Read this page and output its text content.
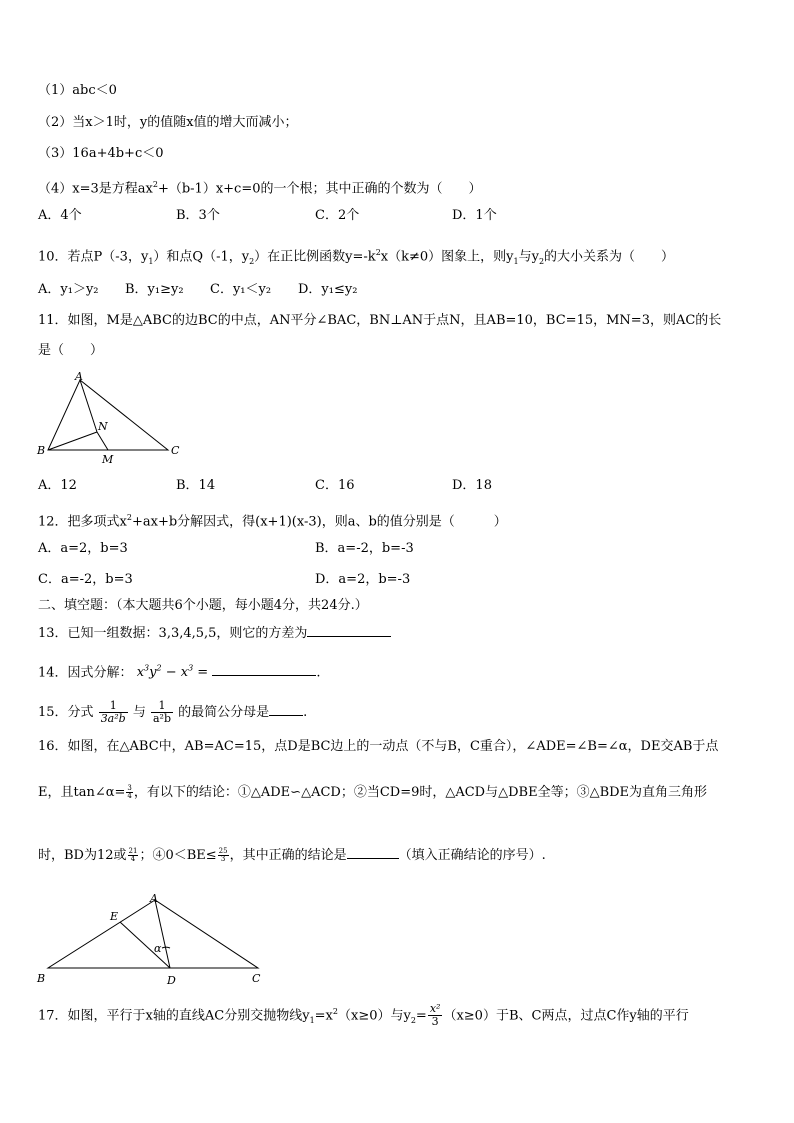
（1）abc＜0
（2）当x＞1时，y的值随x值的增大而减小；
（3）16a+4b+c＜0
（4）x=3是方程$ax^2+(b-1)x+c=0$的一个根；其中正确的个数为（　　）
A．4个	B．3个	C．2个	D．1个
10．若点P（-3，$y_1$）和点Q（-1，$y_2$）在正比例函数$y=-k^2x(k\ne 0)$图象上，则$y_1$与$y_2$的大小关系为（　　）
A．y₁＞y₂ B．y₁≥y₂ C．y₁＜y₂ D．y₁≤y₂
11．如图，M是△ABC的边BC的中点，AN平分∠BAC，BN⊥AN于点N，且AB=10，BC=15，MN=3，则AC的长
是（　　）
A
B	C
N
M
A．12	B．14	C．16	D．18
12．把多项式$x^2+ax+b$分解因式，得(x+1)(x-3)，则a、b的值分别是（　　　）
A．a=2，b=3	B．a=-2，b=-3
C．a=-2，b=3	D．a=2，b=-3
二、填空题：（本大题共6个小题，每小题4分，共24分.）
13．已知一组数据：3,3,4,5,5，则它的方差为
14．因式分解： $x^3y^2 - x^3$ =	.
15．分式 $\frac{1}{\text{3a²b}}$ 与 $\frac{1}{\text{a²b}}$ 的最简公分母是	.
16．如图，在△ABC中，AB=AC=15，点D是BC边上的一动点（不与B，C重合），∠ADE=∠B=∠α，DE交AB于点
E，且tan∠α= $\frac{3}{4}$ ，有以下的结论：①△ADE∽△ACD；②当CD=9时，△ACD与△DBE全等；③△BDE为直角三角形
时，BD为12或 $\frac{21}{4}$ ；④0＜BE≤ $\frac{25}{3}$ ，其中正确的结论是	（填入正确结论的序号）.
A
E
B	C
D
α
17．如图，平行于x轴的直线AC分别交抛物线$y_1=x^2(x\ge 0)$与$y_2= \frac{\text{x²}}{3} (x\ge 0)$于B、C两点，过点C作y轴的平行
